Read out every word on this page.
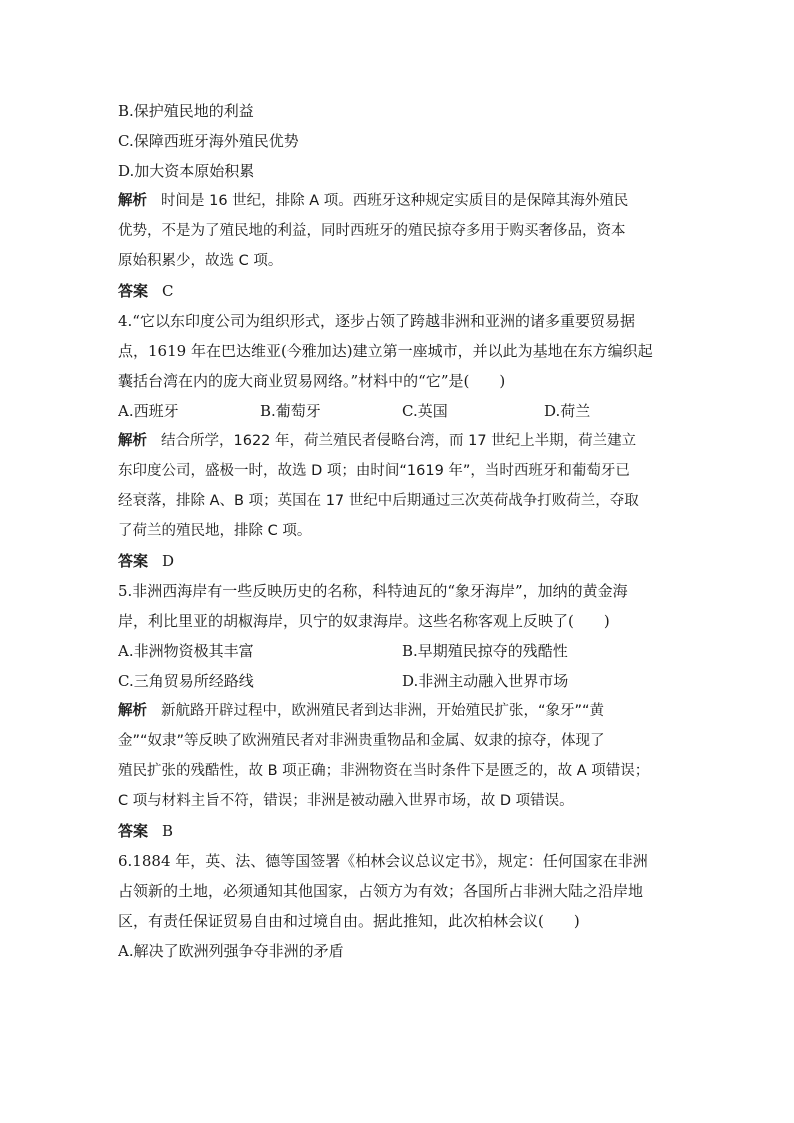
B.保护殖民地的利益
C.保障西班牙海外殖民优势
D.加大资本原始积累
解析 时间是 16 世纪，排除 A 项。西班牙这种规定实质目的是保障其海外殖民
优势，不是为了殖民地的利益，同时西班牙的殖民掠夺多用于购买奢侈品，资本
原始积累少，故选 C 项。
答案 C
4.“它以东印度公司为组织形式，逐步占领了跨越非洲和亚洲的诸多重要贸易据
点，1619 年在巴达维亚(今雅加达)建立第一座城市，并以此为基地在东方编织起
囊括台湾在内的庞大商业贸易网络。”材料中的“它”是(　　)
A.西班牙	B.葡萄牙	C.英国	D.荷兰
解析 结合所学，1622 年，荷兰殖民者侵略台湾，而 17 世纪上半期，荷兰建立
东印度公司，盛极一时，故选 D 项；由时间“1619 年”，当时西班牙和葡萄牙已
经衰落，排除 A、B 项；英国在 17 世纪中后期通过三次英荷战争打败荷兰，夺取
了荷兰的殖民地，排除 C 项。
答案 D
5.非洲西海岸有一些反映历史的名称，科特迪瓦的“象牙海岸”，加纳的黄金海
岸，利比里亚的胡椒海岸，贝宁的奴隶海岸。这些名称客观上反映了(　　)
A.非洲物资极其丰富	B.早期殖民掠夺的残酷性
C.三角贸易所经路线	D.非洲主动融入世界市场
解析 新航路开辟过程中，欧洲殖民者到达非洲，开始殖民扩张，“象牙”“黄
金”“奴隶”等反映了欧洲殖民者对非洲贵重物品和金属、奴隶的掠夺，体现了
殖民扩张的残酷性，故 B 项正确；非洲物资在当时条件下是匮乏的，故 A 项错误；
C 项与材料主旨不符，错误；非洲是被动融入世界市场，故 D 项错误。
答案 B
6.1884 年，英、法、德等国签署《柏林会议总议定书》，规定：任何国家在非洲
占领新的土地，必须通知其他国家，占领方为有效；各国所占非洲大陆之沿岸地
区，有责任保证贸易自由和过境自由。据此推知，此次柏林会议(　　)
A.解决了欧洲列强争夺非洲的矛盾
